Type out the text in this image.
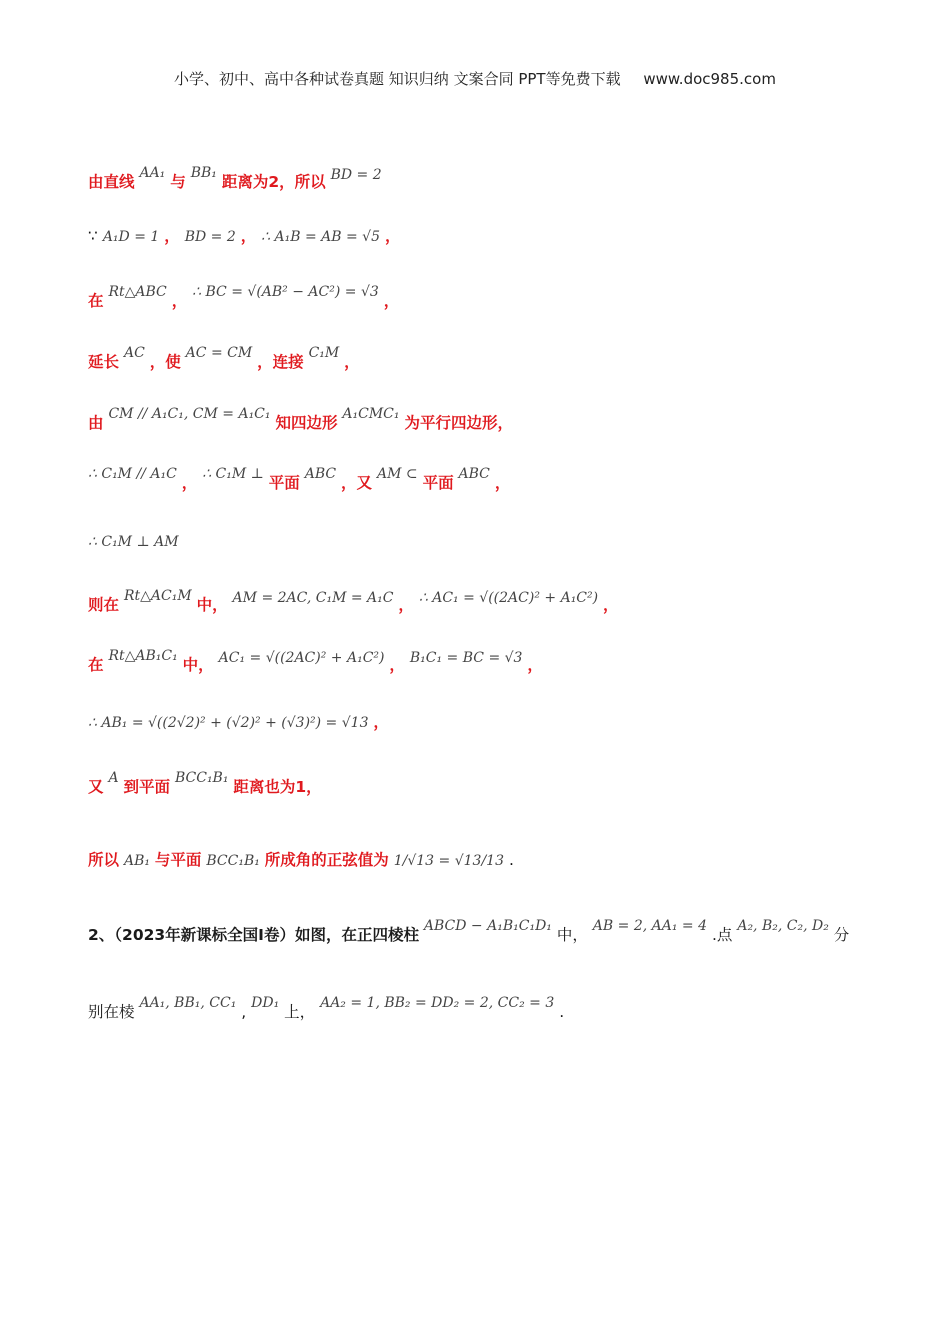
小学、初中、高中各种试卷真题 知识归纳 文案合同 PPT等免费下载 www.doc985.com
由直线 AA₁ 与 BB₁ 距离为2，所以 BD = 2
∵ A₁D = 1 ， BD = 2 ， ∴ A₁B = AB = √5 ，
在 Rt△ABC ， ∴ BC = √(AB² − AC²) = √3 ，
延长 AC ，使 AC = CM ，连接 C₁M ，
由 CM // A₁C₁, CM = A₁C₁ 知四边形 A₁CMC₁ 为平行四边形，
∴ C₁M // A₁C ， ∴ C₁M ⊥ 平面 ABC ，又 AM ⊂ 平面 ABC ，
∴ C₁M ⊥ AM
则在 Rt△AC₁M 中， AM = 2AC, C₁M = A₁C ， ∴ AC₁ = √((2AC)² + A₁C²) ，
在 Rt△AB₁C₁ 中， AC₁ = √((2AC)² + A₁C²) ， B₁C₁ = BC = √3 ，
∴ AB₁ = √((2√2)² + (√2)² + (√3)²) = √13 ，
又 A 到平面 BCC₁B₁ 距离也为1，
所以 AB₁ 与平面 BCC₁B₁ 所成角的正弦值为 1/√13 = √13/13 .
2、（2023年新课标全国Ⅰ卷）如图，在正四棱柱 ABCD − A₁B₁C₁D₁ 中， AB = 2, AA₁ = 4 .点 A₂, B₂, C₂, D₂ 分
别在棱 AA₁, BB₁, CC₁ , DD₁ 上， AA₂ = 1, BB₂ = DD₂ = 2, CC₂ = 3 .
